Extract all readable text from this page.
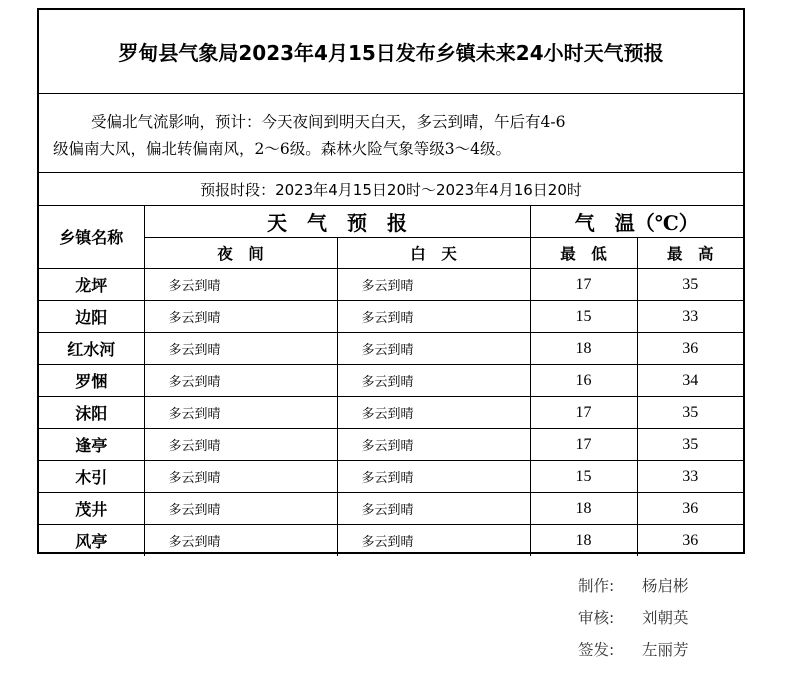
罗甸县气象局2023年4月15日发布乡镇未来24小时天气预报
受偏北气流影响，预计：今天夜间到明天白天，多云到晴，午后有4-6

级偏南大风，偏北转偏南风，2～6级。森林火险气象等级3～4级。
预报时段：2023年4月15日20时～2023年4月16日20时
乡镇名称	天　气　预　报		气　温（℃）	
	夜　间	白　天	最　低	最　高
龙坪	多云到晴	多云到晴	17	35
边阳	多云到晴	多云到晴	15	33
红水河	多云到晴	多云到晴	18	36
罗悃	多云到晴	多云到晴	16	34
沫阳	多云到晴	多云到晴	17	35
逢亭	多云到晴	多云到晴	17	35
木引	多云到晴	多云到晴	15	33
茂井	多云到晴	多云到晴	18	36
风亭	多云到晴	多云到晴	18	36
制作: 杨启彬
审核: 刘朝英
签发: 左丽芳
